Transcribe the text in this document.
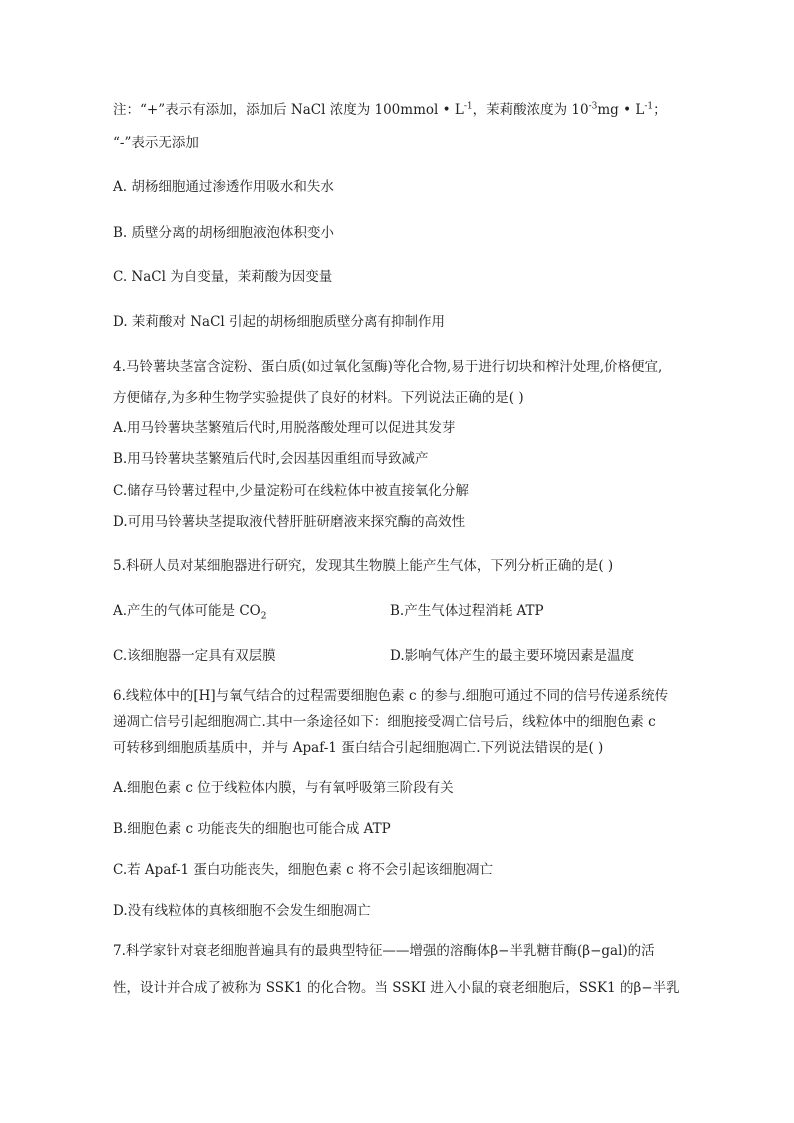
注：“+”表示有添加，添加后 NaCl 浓度为 100mmol • $L^{-1}$，茉莉酸浓度为 $10^{-3}mg$ • $L^{-1}$；
“-”表示无添加
A. 胡杨细胞通过渗透作用吸水和失水
B. 质壁分离的胡杨细胞液泡体积变小
C. NaCl 为自变量，茉莉酸为因变量
D. 茉莉酸对 NaCl 引起的胡杨细胞质壁分离有抑制作用
4.马铃薯块茎富含淀粉、蛋白质(如过氧化氢酶)等化合物,易于进行切块和榨汁处理,价格便宜,
方便储存,为多种生物学实验提供了良好的材料。下列说法正确的是( )
A.用马铃薯块茎繁殖后代时,用脱落酸处理可以促进其发芽
B.用马铃薯块茎繁殖后代时,会因基因重组而导致减产
C.储存马铃薯过程中,少量淀粉可在线粒体中被直接氧化分解
D.可用马铃薯块茎提取液代替肝脏研磨液来探究酶的高效性
5.科研人员对某细胞器进行研究，发现其生物膜上能产生气体，下列分析正确的是( )
A.产生的气体可能是 $CO_2$	B.产生气体过程消耗 ATP
C.该细胞器一定具有双层膜	D.影响气体产生的最主要环境因素是温度
6.线粒体中的[H]与氧气结合的过程需要细胞色素 c 的参与.细胞可通过不同的信号传递系统传
递凋亡信号引起细胞凋亡.其中一条途径如下：细胞接受凋亡信号后，线粒体中的细胞色素 c
可转移到细胞质基质中，并与 Apaf-1 蛋白结合引起细胞凋亡.下列说法错误的是( )
A.细胞色素 c 位于线粒体内膜，与有氧呼吸第三阶段有关
B.细胞色素 c 功能丧失的细胞也可能合成 ATP
C.若 Apaf-1 蛋白功能丧失，细胞色素 c 将不会引起该细胞凋亡
D.没有线粒体的真核细胞不会发生细胞凋亡
7.科学家针对衰老细胞普遍具有的最典型特征——增强的溶酶体β−半乳糖苷酶(β−gal)的活
性，设计并合成了被称为 SSK1 的化合物。当 SSKI 进入小鼠的衰老细胞后，SSK1 的β−半乳
